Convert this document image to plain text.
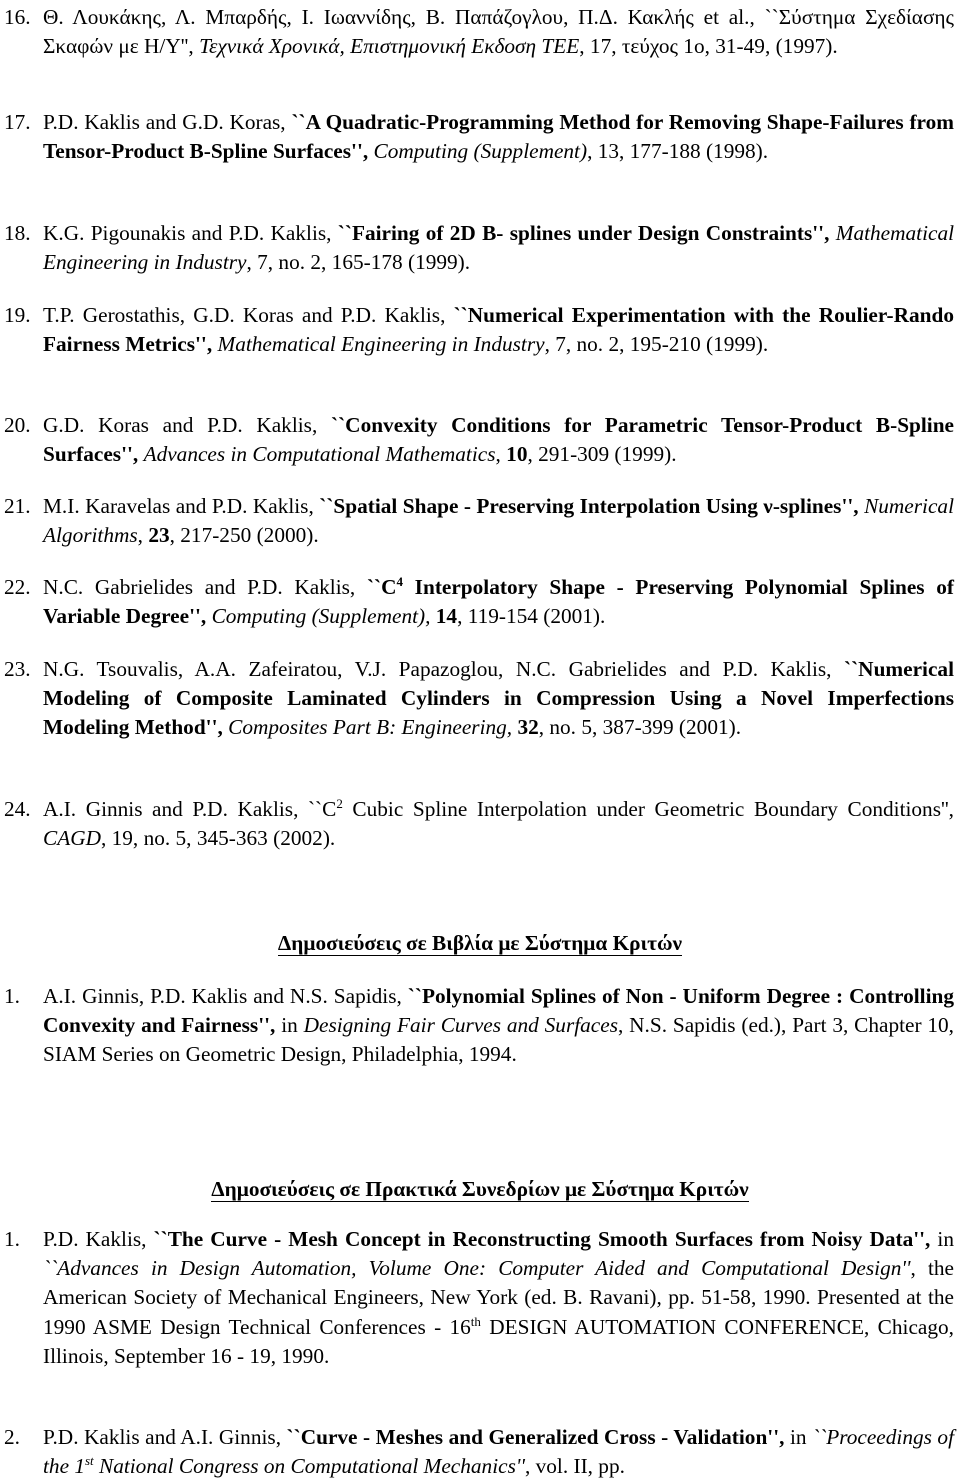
16. Θ. Λουκάκης, Λ. Μπαρδής, Ι. Ιωαννίδης, Β. Παπάζογλου, Π.Δ. Κακλής et al., ``Σύστημα Σχεδίασης Σκαφών με Η/Υ'', Τεχνικά Χρονικά, Επιστημονική Εκδοση ΤΕΕ, 17, τεύχος 1ο, 31-49, (1997).
17. P.D. Kaklis and G.D. Koras, ``A Quadratic-Programming Method for Removing Shape-Failures from Tensor-Product B-Spline Surfaces'', Computing (Supplement), 13, 177-188 (1998).
18. K.G. Pigounakis and P.D. Kaklis, ``Fairing of 2D B- splines under Design Constraints'', Mathematical Engineering in Industry, 7, no. 2, 165-178 (1999).
19. T.P. Gerostathis, G.D. Koras and P.D. Kaklis, ``Numerical Experimentation with the Roulier-Rando Fairness Metrics'', Mathematical Engineering in Industry, 7, no. 2, 195-210 (1999).
20. G.D. Koras and P.D. Kaklis, ``Convexity Conditions for Parametric Tensor-Product B-Spline Surfaces'', Advances in Computational Mathematics, 10, 291-309 (1999).
21. M.I. Karavelas and P.D. Kaklis, ``Spatial Shape - Preserving Interpolation Using ν-splines'', Numerical Algorithms, 23, 217-250 (2000).
22. N.C. Gabrielides and P.D. Kaklis, $``C^4$ Interpolatory Shape - Preserving Polynomial Splines of Variable Degree'', Computing (Supplement), 14, 119-154 (2001).
23. N.G. Tsouvalis, A.A. Zafeiratou, V.J. Papazoglou, N.C. Gabrielides and P.D. Kaklis, ``Numerical Modeling of Composite Laminated Cylinders in Compression Using a Novel Imperfections Modeling Method'', Composites Part B: Engineering, 32, no. 5, 387-399 (2001).
24. A.I. Ginnis and P.D. Kaklis, $``C^2$ Cubic Spline Interpolation under Geometric Boundary Conditions'', CAGD, 19, no. 5, 345-363 (2002).
Δημοσιεύσεις σε Βιβλία με Σύστημα Κριτών
1. A.I. Ginnis, P.D. Kaklis and N.S. Sapidis, ``Polynomial Splines of Non - Uniform Degree : Controlling Convexity and Fairness'', in Designing Fair Curves and Surfaces, N.S. Sapidis (ed.), Part 3, Chapter 10, SIAM Series on Geometric Design, Philadelphia, 1994.
Δημοσιεύσεις σε Πρακτικά Συνεδρίων με Σύστημα Κριτών
1. P.D. Kaklis, ``The Curve - Mesh Concept in Reconstructing Smooth Surfaces from Noisy Data'', in ``Advances in Design Automation, Volume One: Computer Aided and Computational Design'', the American Society of Mechanical Engineers, New York (ed. B. Ravani), pp. 51-58, 1990. Presented at the 1990 ASME Design Technical Conferences - 16th DESIGN AUTOMATION CONFERENCE, Chicago, Illinois, September 16 - 19, 1990.
2. P.D. Kaklis and A.I. Ginnis, ``Curve - Meshes and Generalized Cross - Validation'', in ``Proceedings of the 1st National Congress on Computational Mechanics'', vol. II, pp.
